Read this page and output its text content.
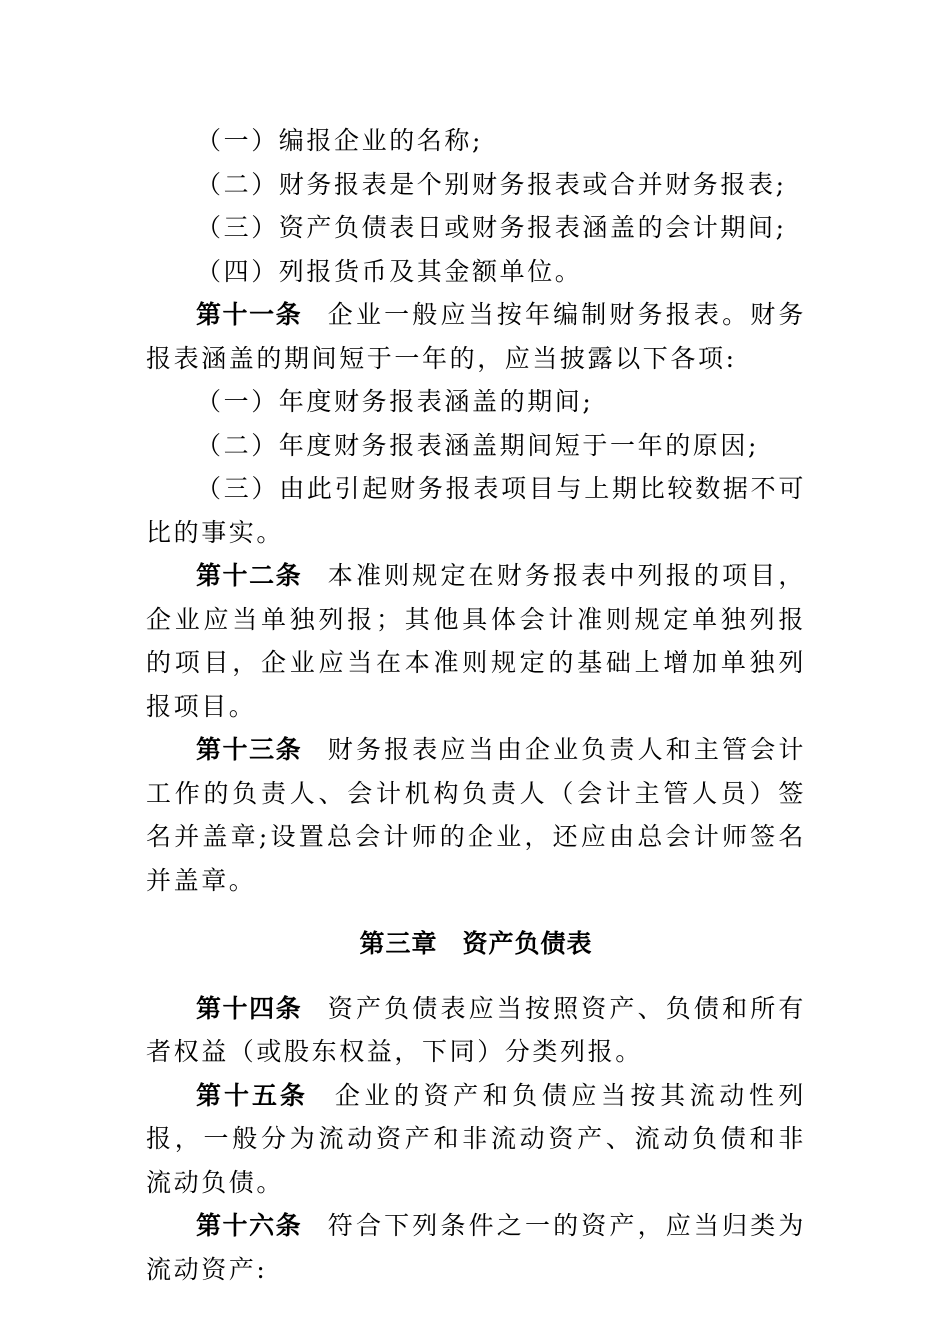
（一）编报企业的名称;

（二）财务报表是个别财务报表或合并财务报表;

（三）资产负债表日或财务报表涵盖的会计期间;

（四）列报货币及其金额单位。

第十一条 企业一般应当按年编制财务报表。财务报表涵盖的期间短于一年的，应当披露以下各项:

（一）年度财务报表涵盖的期间;

（二）年度财务报表涵盖期间短于一年的原因;

（三）由此引起财务报表项目与上期比较数据不可比的事实。

第十二条 本准则规定在财务报表中列报的项目，企业应当单独列报；其他具体会计准则规定单独列报的项目，企业应当在本准则规定的基础上增加单独列报项目。

第十三条 财务报表应当由企业负责人和主管会计工作的负责人、会计机构负责人（会计主管人员）签名并盖章;设置总会计师的企业，还应由总会计师签名并盖章。

第三章 资产负债表

第十四条 资产负债表应当按照资产、负债和所有者权益（或股东权益，下同）分类列报。

第十五条 企业的资产和负债应当按其流动性列报，一般分为流动资产和非流动资产、流动负债和非流动负债。

第十六条 符合下列条件之一的资产，应当归类为流动资产:
